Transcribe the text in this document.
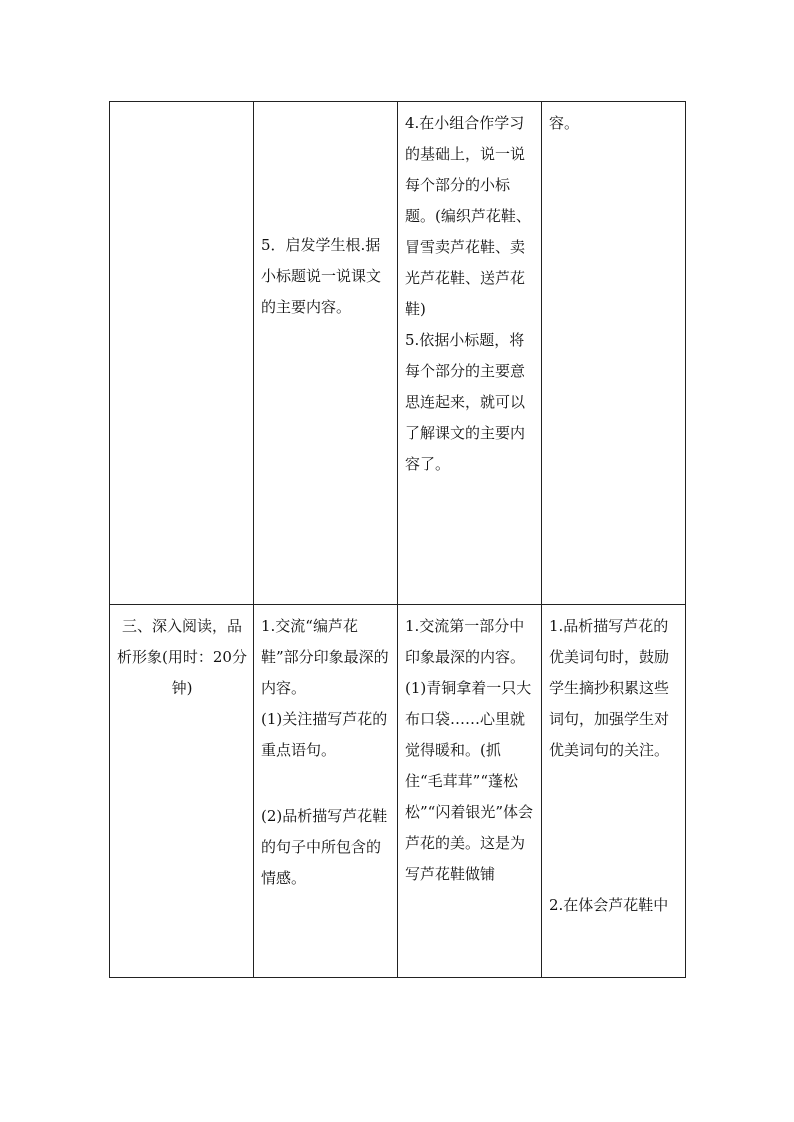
	5．启发学生根.据小标题说一说课文的主要内容。	4.在小组合作学习的基础上，说一说每个部分的小标题。(编织芦花鞋、冒雪卖芦花鞋、卖光芦花鞋、送芦花鞋)
5.依据小标题，将每个部分的主要意思连起来，就可以了解课文的主要内容了。	容。

三、深入阅读，品析形象(用时：20分钟)	1.交流“编芦花鞋”部分印象最深的内容。
(1)关注描写芦花的重点语句。
(2)品析描写芦花鞋的句子中所包含的情感。	1.交流第一部分中印象最深的内容。
(1)青铜拿着一只大布口袋……心里就觉得暖和。(抓住“毛茸茸”“蓬松松”“闪着银光”体会芦花的美。这是为写芦花鞋做铺	1.品析描写芦花的优美词句时，鼓励学生摘抄积累这些词句，加强学生对优美词句的关注。
2.在体会芦花鞋中
